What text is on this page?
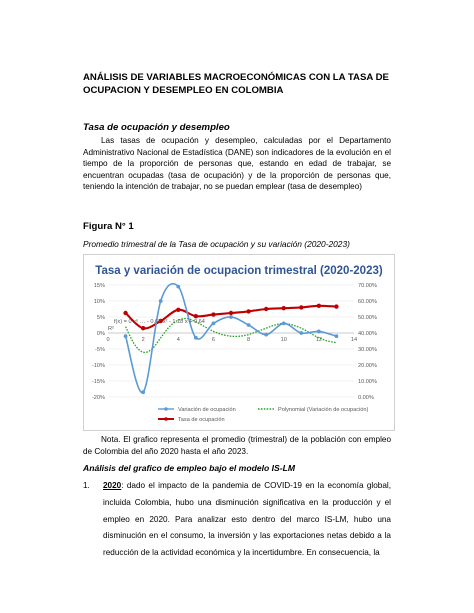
ANÁLISIS DE VARIABLES MACROECONÓMICAS CON LA TASA DE OCUPACION Y DESEMPLEO EN COLOMBIA
Tasa de ocupación y desempleo
Las tasas de ocupación y desempleo, calculadas por el Departamento Administrativo Nacional de Estadística (DANE) son indicadores de la evolución en el tiempo de la proporción de personas que, estando en edad de trabajar, se encuentran ocupadas (tasa de ocupación) y de la proporción de personas que, teniendo la intención de trabajar, no se puedan emplear (tasa de desempleo)
Figura N° 1
Promedio trimestral de la Tasa de ocupación y su variación (2020-2023)
Tasa y variación de ocupacion trimestral (2020-2023)
15%
10%
5%
0%
-5%
-10%
-15%
-20%
70.00%
60.00%
50.00%
40.00%
30.00%
20.00%
10.00%
0.00%
0	2	4	6	8	10	12	14
f(x) = 0 x⁶ … - 0.67 x² - 1.18 x + 0.64
R²
Variación de ocupación	Polynomial (Variación de ocupación)
Tasa de ocupación
Nota. El grafico representa el promedio (trimestral) de la población con empleo de Colombia del año 2020 hasta el año 2023.
Análisis del grafico de empleo bajo el modelo IS-LM
1. 2020: dado el impacto de la pandemia de COVID-19 en la economía global, incluida Colombia, hubo una disminución significativa en la producción y el empleo en 2020. Para analizar esto dentro del marco IS-LM, hubo una disminución en el consumo, la inversión y las exportaciones netas debido a la reducción de la actividad económica y la incertidumbre. En consecuencia, la
